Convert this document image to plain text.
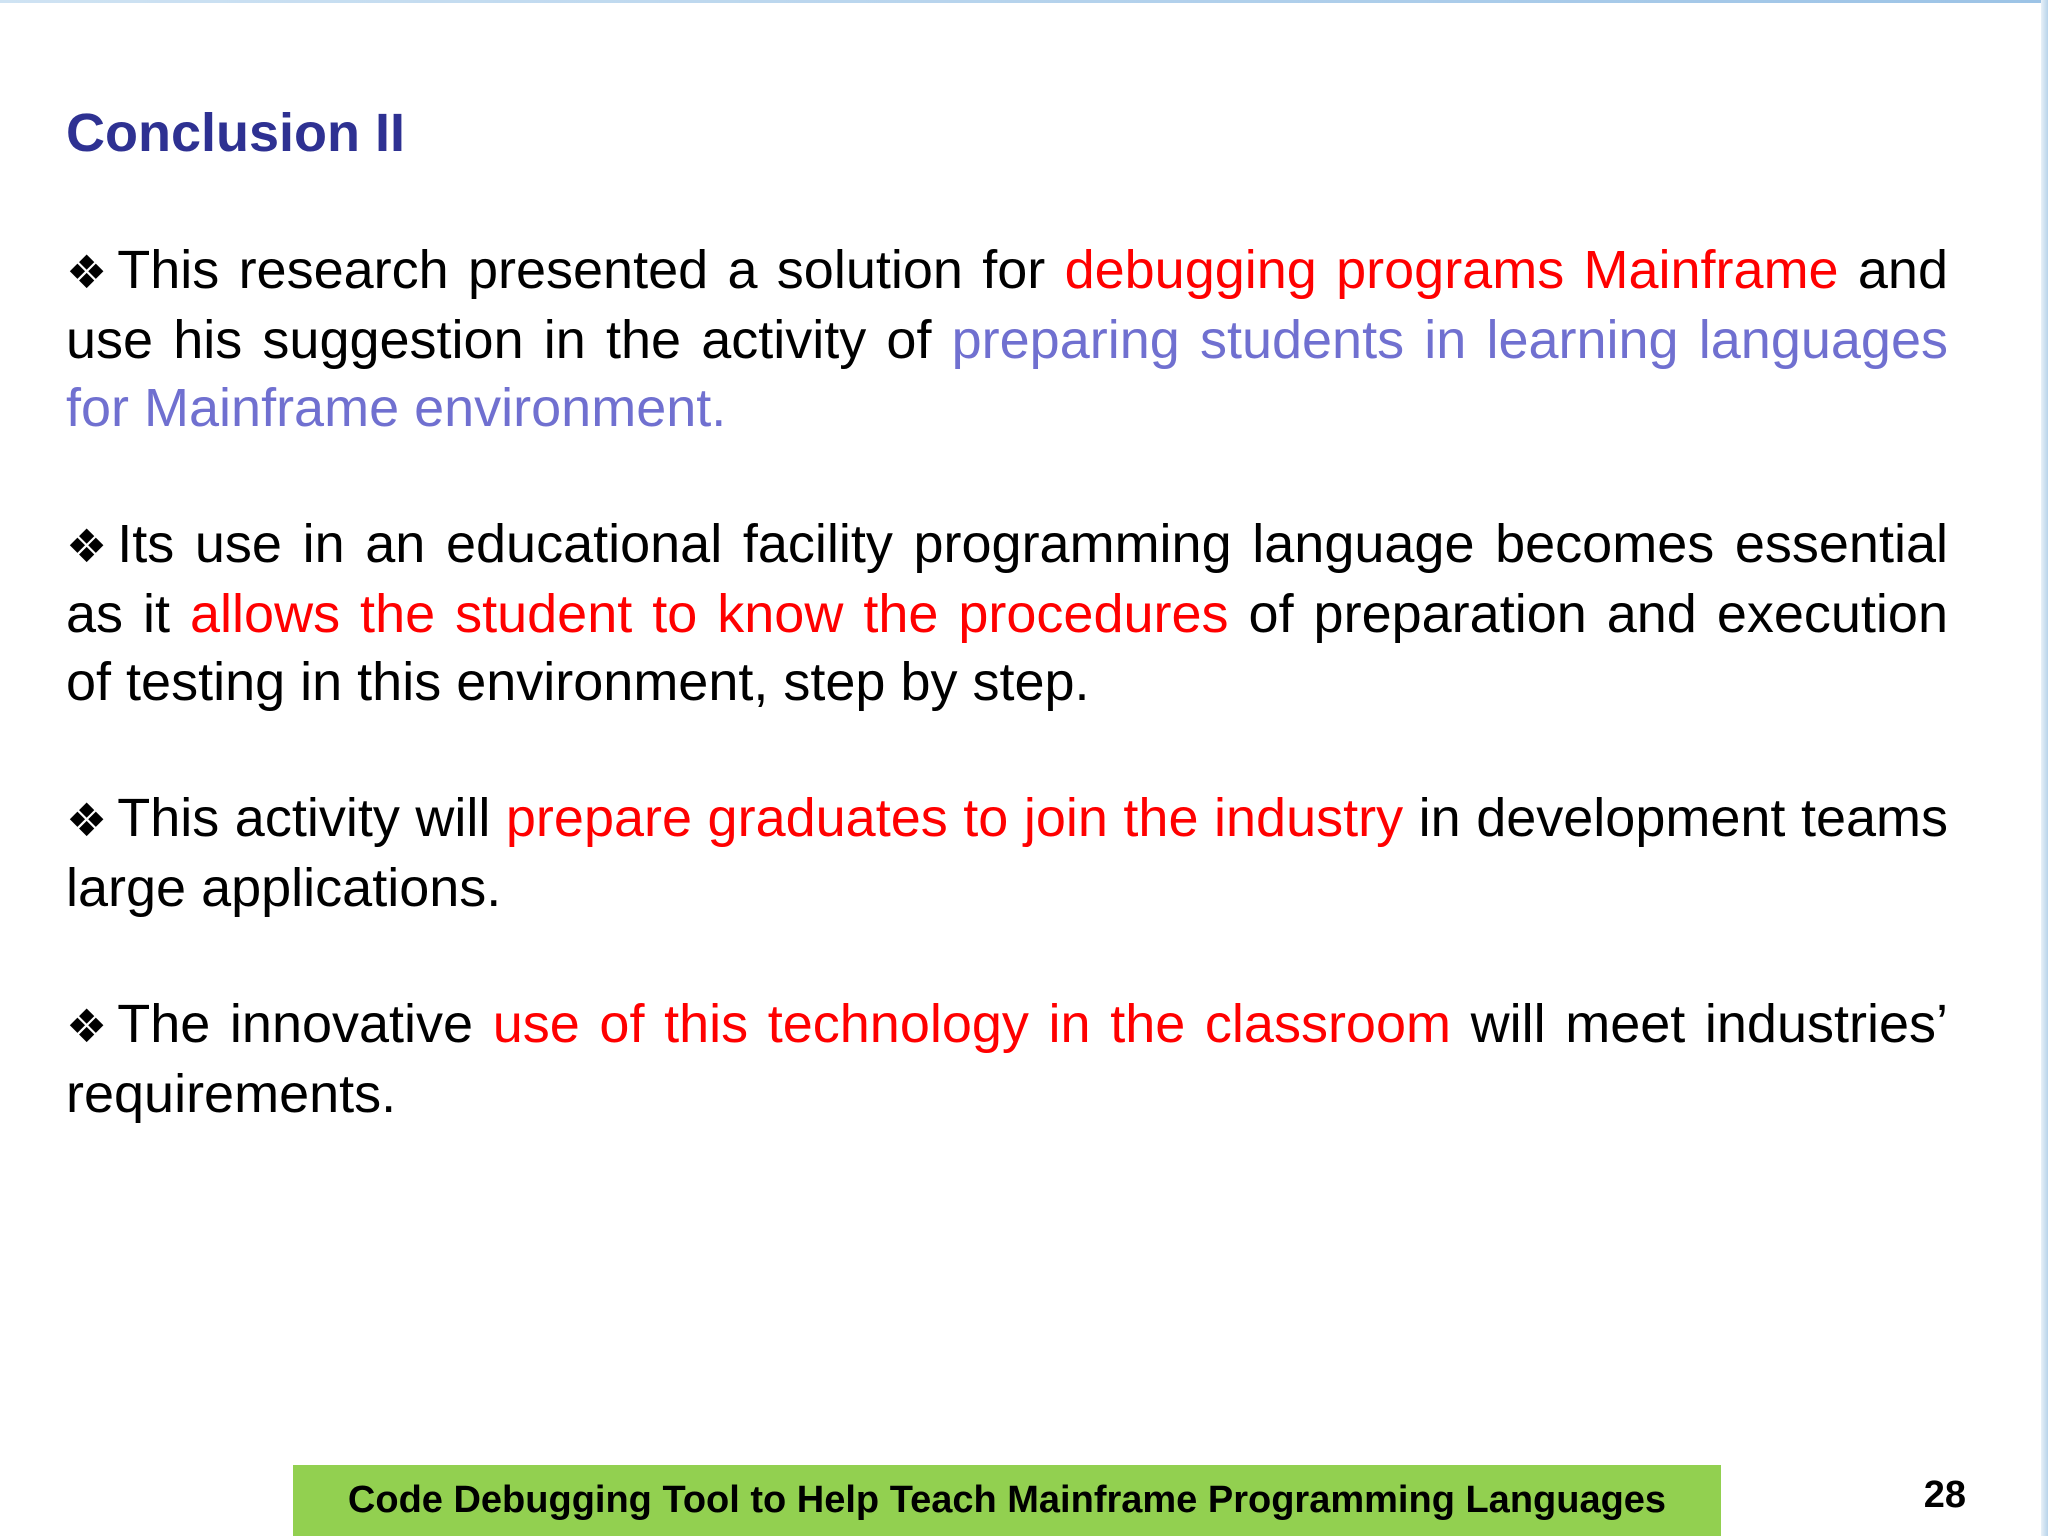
Conclusion II
❖ This research presented a solution for debugging programs Mainframe and use his suggestion in the activity of preparing students in learning languages for Mainframe environment.
❖ Its use in an educational facility programming language becomes essential as it allows the student to know the procedures of preparation and execution of testing in this environment, step by step.
❖ This activity will prepare graduates to join the industry in development teams large applications.
❖ The innovative use of this technology in the classroom will meet industries’ requirements.
Code Debugging Tool to Help Teach Mainframe Programming Languages	28
